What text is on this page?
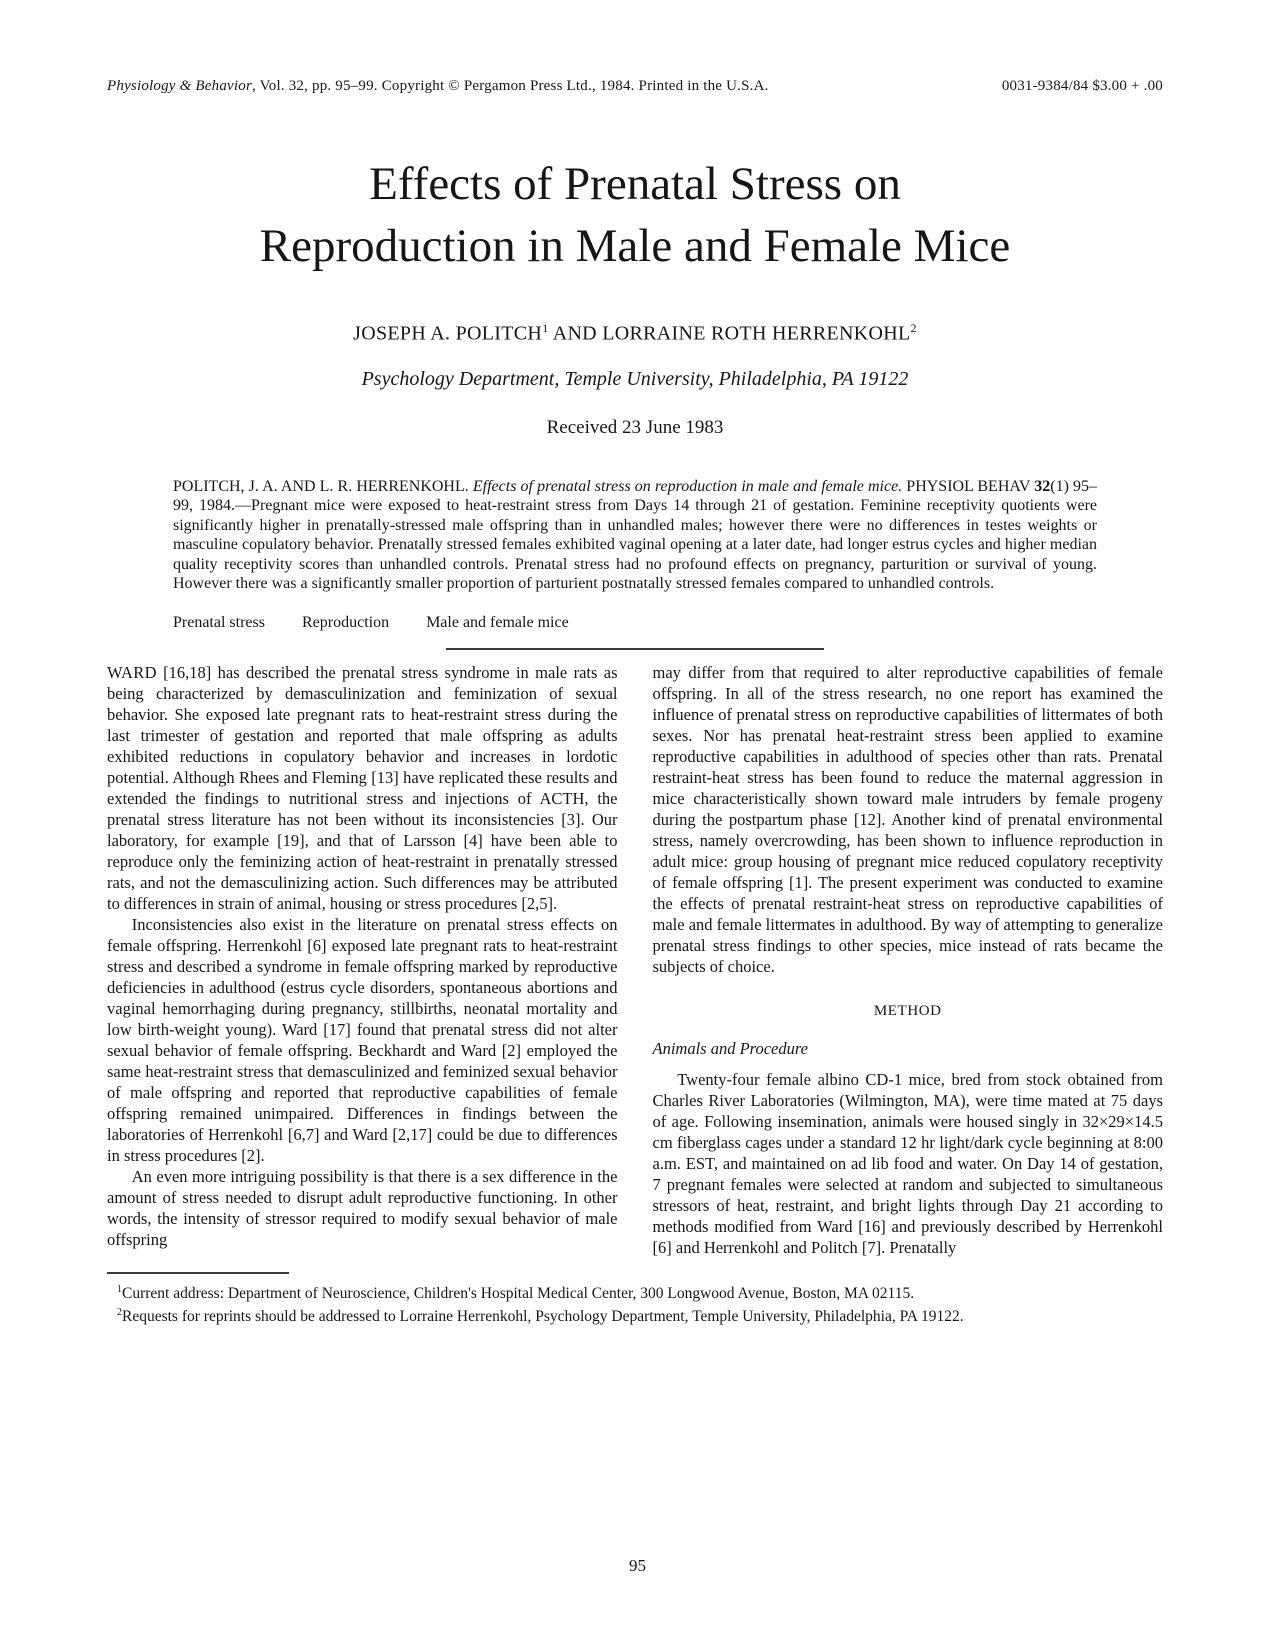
Physiology & Behavior, Vol. 32, pp. 95–99. Copyright © Pergamon Press Ltd., 1984. Printed in the U.S.A.	0031-9384/84 $3.00 + .00
Effects of Prenatal Stress on
Reproduction in Male and Female Mice
JOSEPH A. POLITCH$^1$ AND LORRAINE ROTH HERRENKOHL$^2$
Psychology Department, Temple University, Philadelphia, PA 19122
Received 23 June 1983
POLITCH, J. A. AND L. R. HERRENKOHL. Effects of prenatal stress on reproduction in male and female mice. PHYSIOL BEHAV 32(1) 95–99, 1984.—Pregnant mice were exposed to heat-restraint stress from Days 14 through 21 of gestation. Feminine receptivity quotients were significantly higher in prenatally-stressed male offspring than in unhandled males; however there were no differences in testes weights or masculine copulatory behavior. Prenatally stressed females exhibited vaginal opening at a later date, had longer estrus cycles and higher median quality receptivity scores than unhandled controls. Prenatal stress had no profound effects on pregnancy, parturition or survival of young. However there was a significantly smaller proportion of parturient postnatally stressed females compared to unhandled controls.
Prenatal stress Reproduction Male and female mice

WARD [16,18] has described the prenatal stress syndrome in male rats as being characterized by demasculinization and feminization of sexual behavior. She exposed late pregnant rats to heat-restraint stress during the last trimester of gestation and reported that male offspring as adults exhibited reductions in copulatory behavior and increases in lordotic potential. Although Rhees and Fleming [13] have replicated these results and extended the findings to nutritional stress and injections of ACTH, the prenatal stress literature has not been without its inconsistencies [3]. Our laboratory, for example [19], and that of Larsson [4] have been able to reproduce only the feminizing action of heat-restraint in prenatally stressed rats, and not the demasculinizing action. Such differences may be attributed to differences in strain of animal, housing or stress procedures [2,5].

Inconsistencies also exist in the literature on prenatal stress effects on female offspring. Herrenkohl [6] exposed late pregnant rats to heat-restraint stress and described a syndrome in female offspring marked by reproductive deficiencies in adulthood (estrus cycle disorders, spontaneous abortions and vaginal hemorrhaging during pregnancy, stillbirths, neonatal mortality and low birth-weight young). Ward [17] found that prenatal stress did not alter sexual behavior of female offspring. Beckhardt and Ward [2] employed the same heat-restraint stress that demasculinized and feminized sexual behavior of male offspring and reported that reproductive capabilities of female offspring remained unimpaired. Differences in findings between the laboratories of Herrenkohl [6,7] and Ward [2,17] could be due to differences in stress procedures [2].

An even more intriguing possibility is that there is a sex difference in the amount of stress needed to disrupt adult reproductive functioning. In other words, the intensity of stressor required to modify sexual behavior of male offspring

may differ from that required to alter reproductive capabilities of female offspring. In all of the stress research, no one report has examined the influence of prenatal stress on reproductive capabilities of littermates of both sexes. Nor has prenatal heat-restraint stress been applied to examine reproductive capabilities in adulthood of species other than rats. Prenatal restraint-heat stress has been found to reduce the maternal aggression in mice characteristically shown toward male intruders by female progeny during the postpartum phase [12]. Another kind of prenatal environmental stress, namely overcrowding, has been shown to influence reproduction in adult mice: group housing of pregnant mice reduced copulatory receptivity of female offspring [1]. The present experiment was conducted to examine the effects of prenatal restraint-heat stress on reproductive capabilities of male and female littermates in adulthood. By way of attempting to generalize prenatal stress findings to other species, mice instead of rats became the subjects of choice.

METHOD
Animals and Procedure

Twenty-four female albino CD-1 mice, bred from stock obtained from Charles River Laboratories (Wilmington, MA), were time mated at 75 days of age. Following insemination, animals were housed singly in 32×29×14.5 cm fiberglass cages under a standard 12 hr light/dark cycle beginning at 8:00 a.m. EST, and maintained on ad lib food and water. On Day 14 of gestation, 7 pregnant females were selected at random and subjected to simultaneous stressors of heat, restraint, and bright lights through Day 21 according to methods modified from Ward [16] and previously described by Herrenkohl [6] and Herrenkohl and Politch [7]. Prenatally

$^1$Current address: Department of Neuroscience, Children's Hospital Medical Center, 300 Longwood Avenue, Boston, MA 02115.

$^2$Requests for reprints should be addressed to Lorraine Herrenkohl, Psychology Department, Temple University, Philadelphia, PA 19122.

95
